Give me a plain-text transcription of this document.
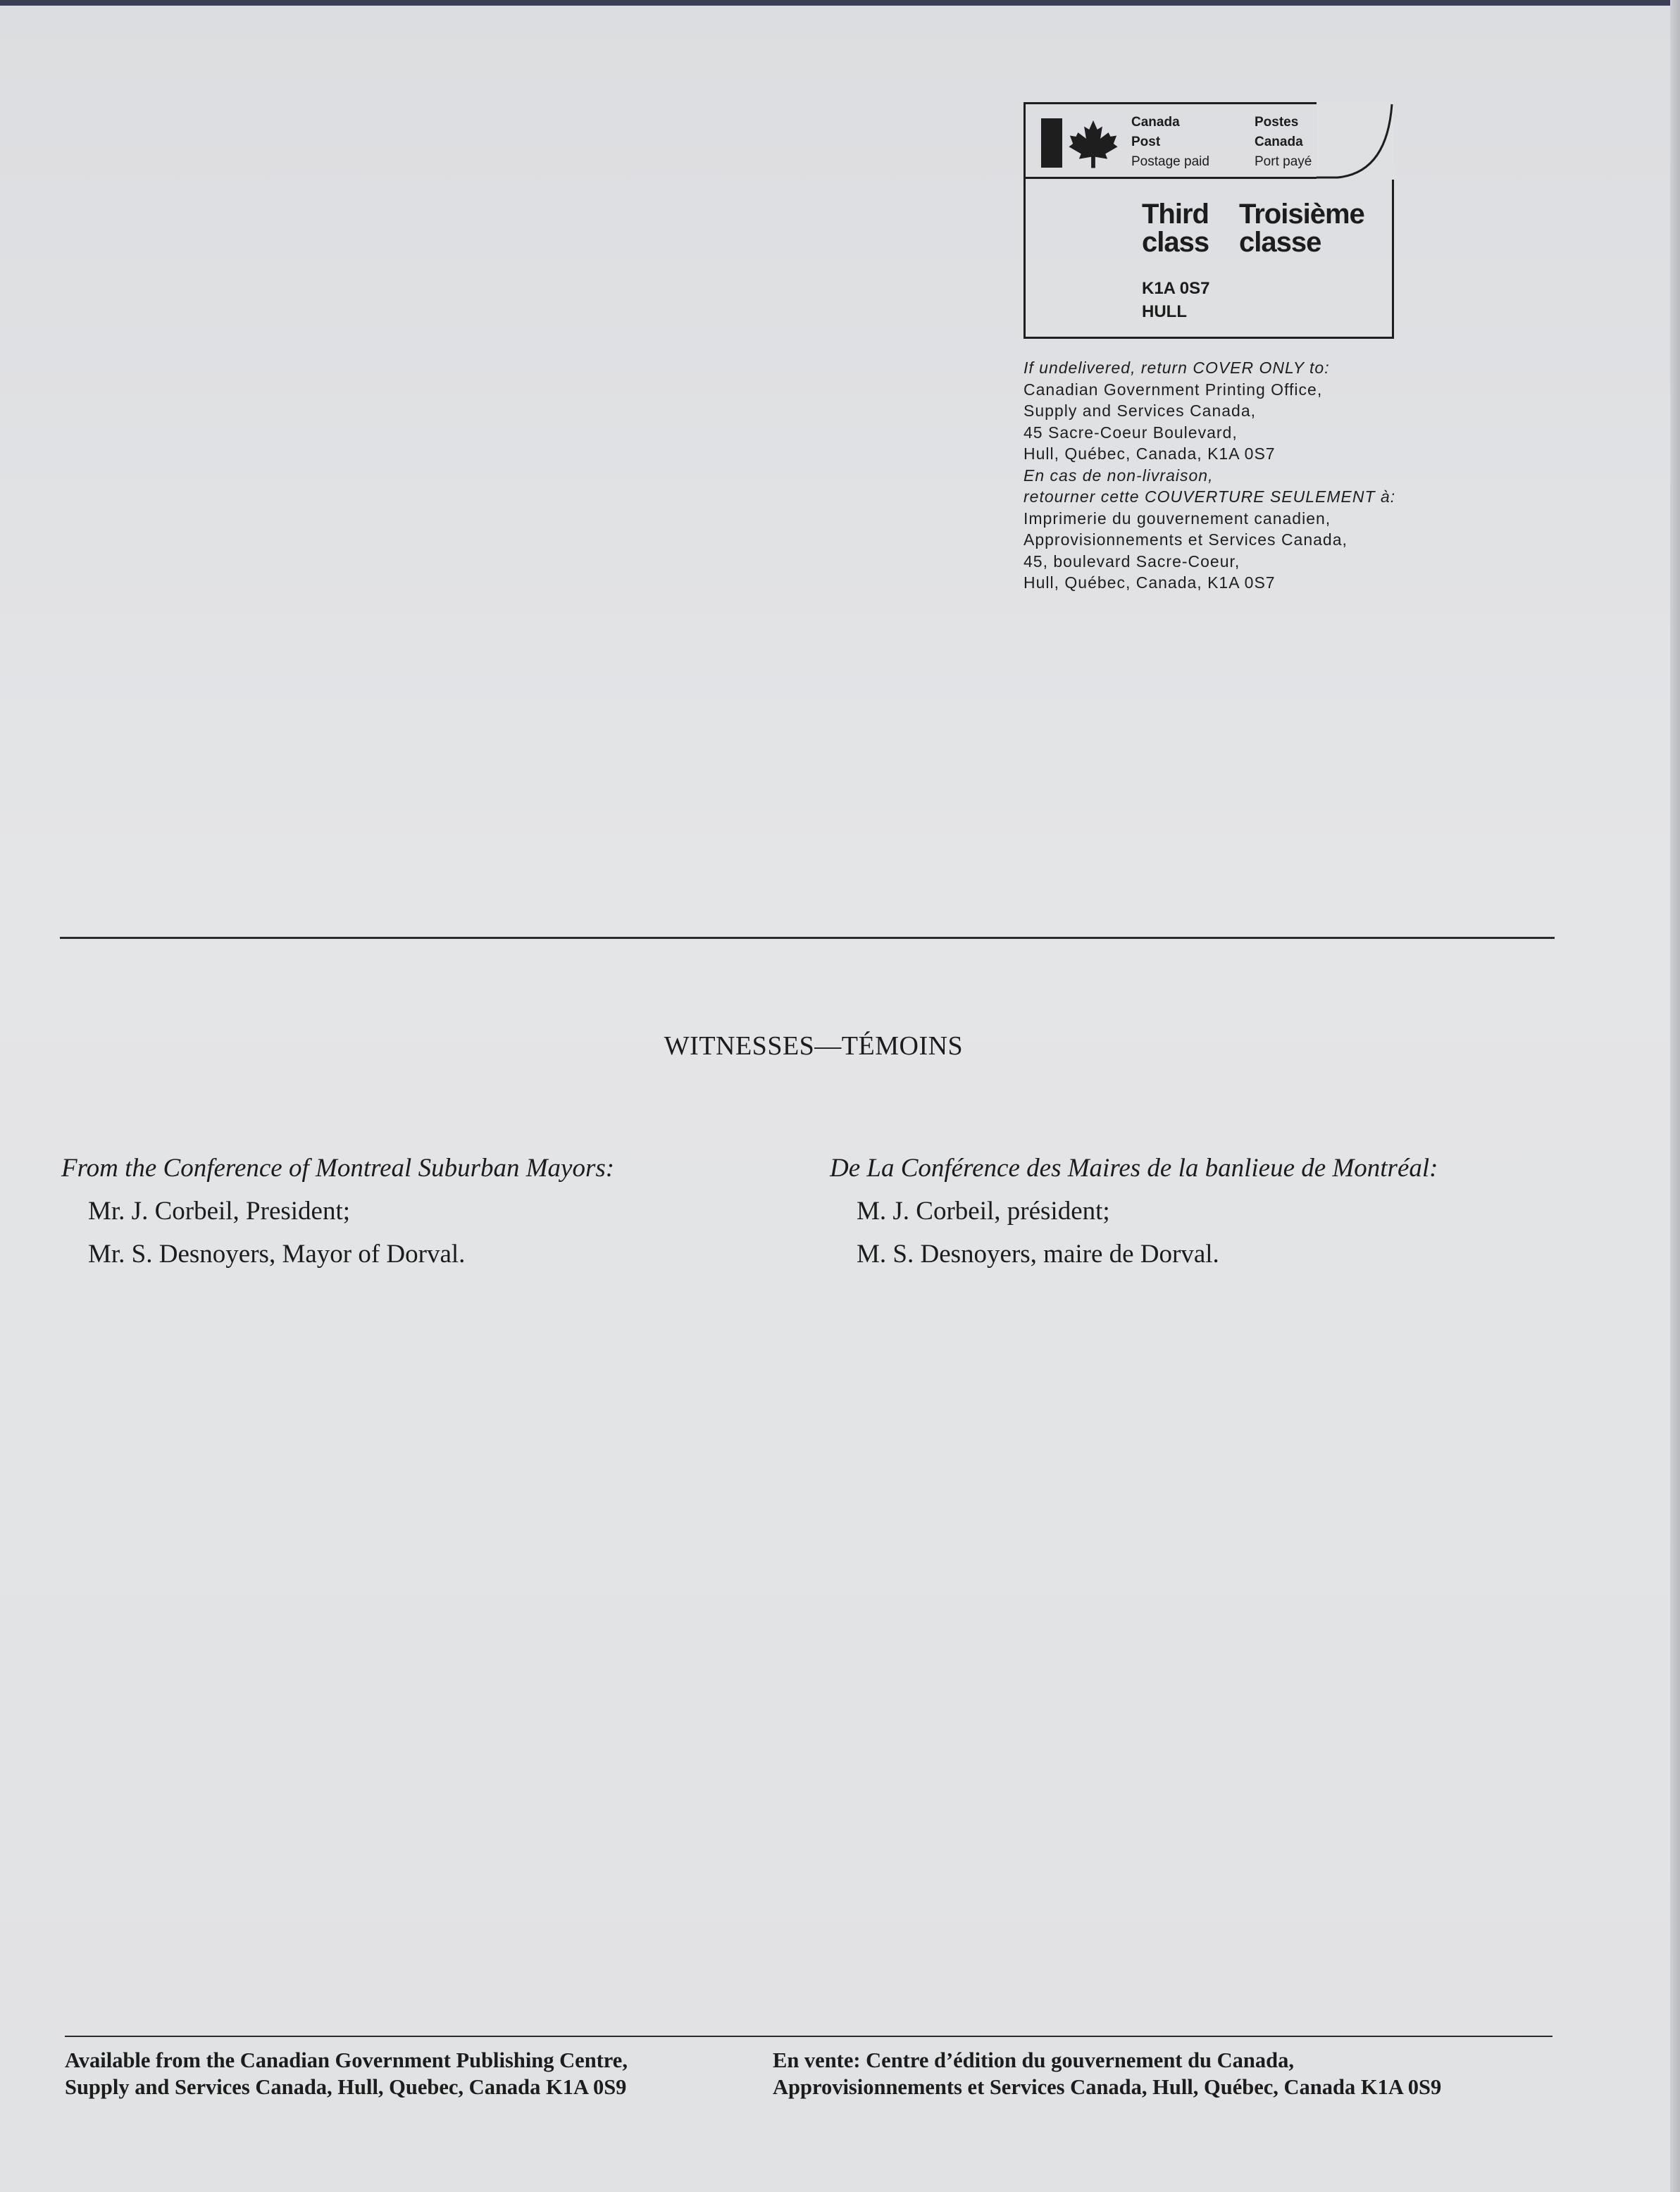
Canada
Post
Postage paid
Postes
Canada
Port payé
Third
class
Troisième
classe
K1A 0S7
HULL
If undelivered, return COVER ONLY to:
Canadian Government Printing Office,
Supply and Services Canada,
45 Sacre-Coeur Boulevard,
Hull, Québec, Canada, K1A 0S7
En cas de non-livraison,
retourner cette COUVERTURE SEULEMENT à:
Imprimerie du gouvernement canadien,
Approvisionnements et Services Canada,
45, boulevard Sacre-Coeur,
Hull, Québec, Canada, K1A 0S7
WITNESSES—TÉMOINS
From the Conference of Montreal Suburban Mayors:
Mr. J. Corbeil, President;
Mr. S. Desnoyers, Mayor of Dorval.
De La Conférence des Maires de la banlieue de Montréal:
M. J. Corbeil, président;
M. S. Desnoyers, maire de Dorval.
Available from the Canadian Government Publishing Centre,
Supply and Services Canada, Hull, Quebec, Canada K1A 0S9
En vente: Centre d’édition du gouvernement du Canada,
Approvisionnements et Services Canada, Hull, Québec, Canada K1A 0S9
